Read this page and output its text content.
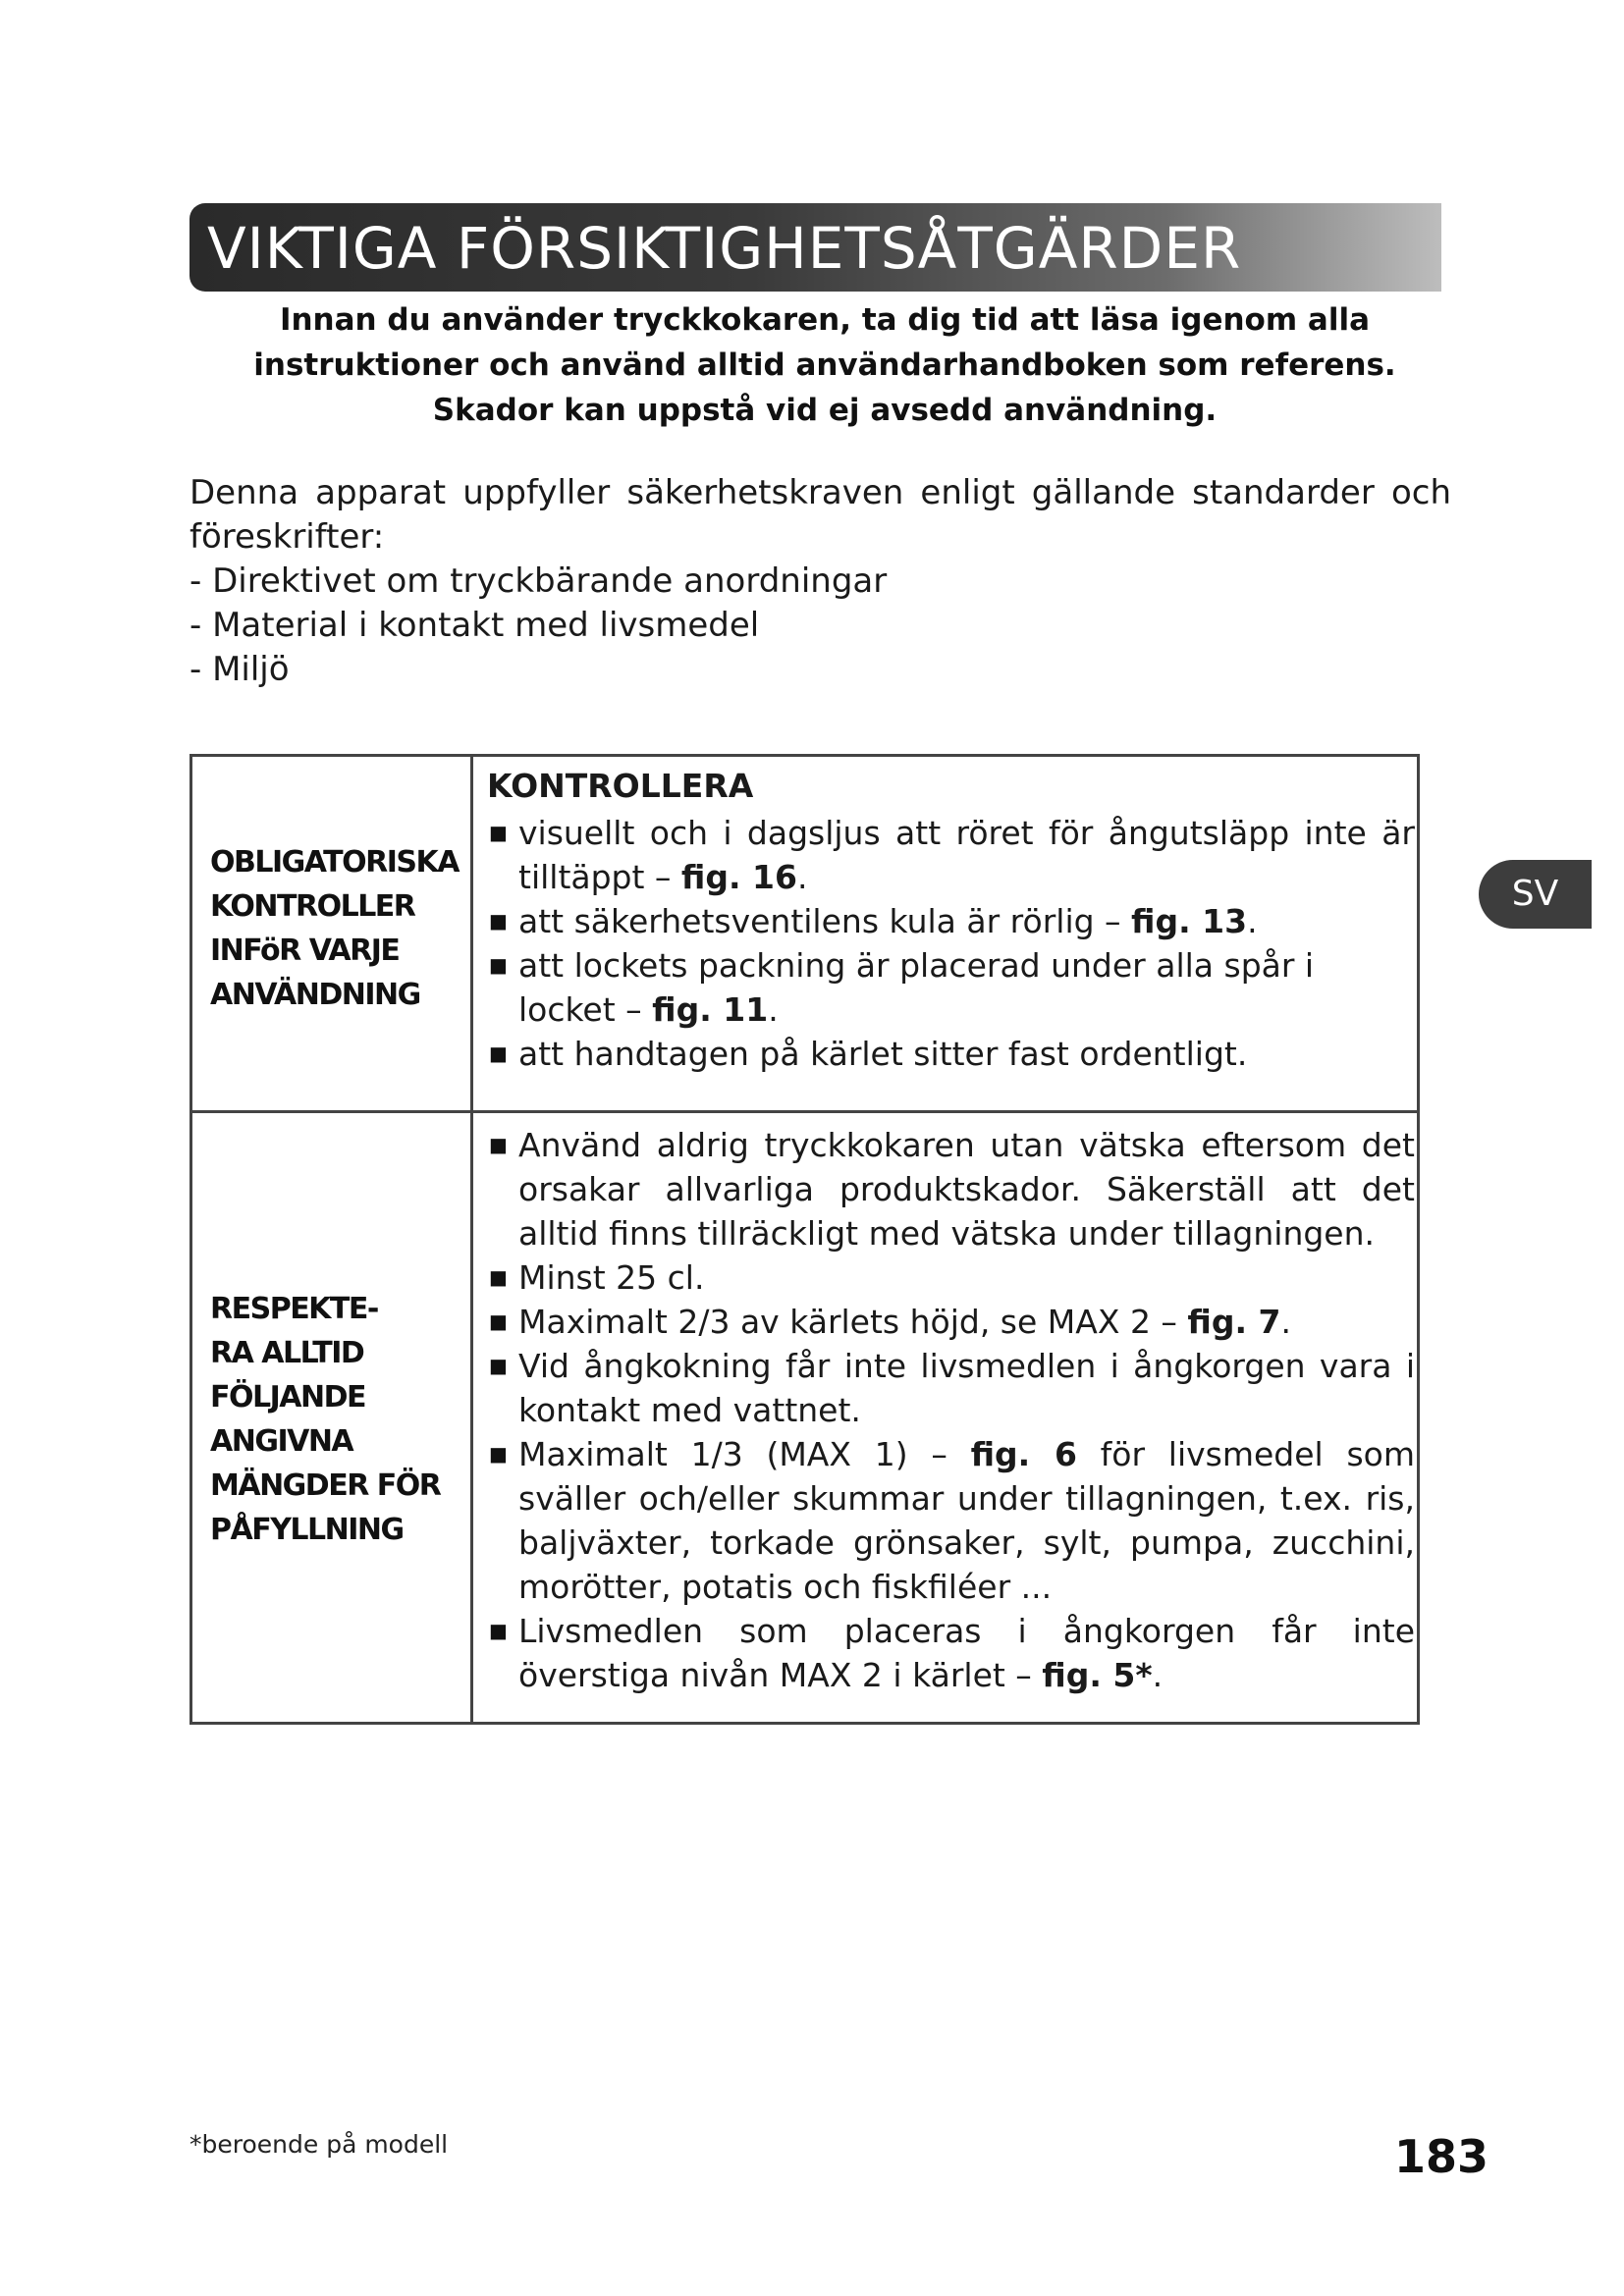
VIKTIGA FÖRSIKTIGHETSÅTGÄRDER

Innan du använder tryckkokaren, ta dig tid att läsa igenom alla
instruktioner och använd alltid användarhandboken som referens.
Skador kan uppstå vid ej avsedd användning.

Denna apparat uppfyller säkerhetskraven enligt gällande standarder och
föreskrifter:
- Direktivet om tryckbärande anordningar
- Material i kontakt med livsmedel
- Miljö
OBLIGATORISKA
KONTROLLER
INFöR VARJE
ANVÄNDNING

KONTROLLERA

■ visuellt och i dagsljus att röret för ångutsläpp inte är tilltäppt – fig. 16.
■ att säkerhetsventilens kula är rörlig – fig. 13.
■ att lockets packning är placerad under alla spår i locket – fig. 11.
■ att handtagen på kärlet sitter fast ordentligt.
RESPEKTE-
RA ALLTID
FÖLJANDE
ANGIVNA
MÄNGDER FÖR
PÅFYLLNING
■ Använd aldrig tryckkokaren utan vätska eftersom det orsakar allvarliga produktskador. Säkerställ att det alltid finns tillräckligt med vätska under tillagningen.
■ Minst 25 cl.
■ Maximalt 2/3 av kärlets höjd, se MAX 2 – fig. 7.
■ Vid ångkokning får inte livsmedlen i ångkorgen vara i kontakt med vattnet.
■ Maximalt 1/3 (MAX 1) – fig. 6 för livsmedel som sväller och/eller skummar under tillagningen, t.ex. ris, baljväxter, torkade grönsaker, sylt, pumpa, zucchini, morötter, potatis och fiskfiléer ...
■ Livsmedlen som placeras i ångkorgen får inte överstiga nivån MAX 2 i kärlet – fig. 5*.
SV
*beroende på modell	183
